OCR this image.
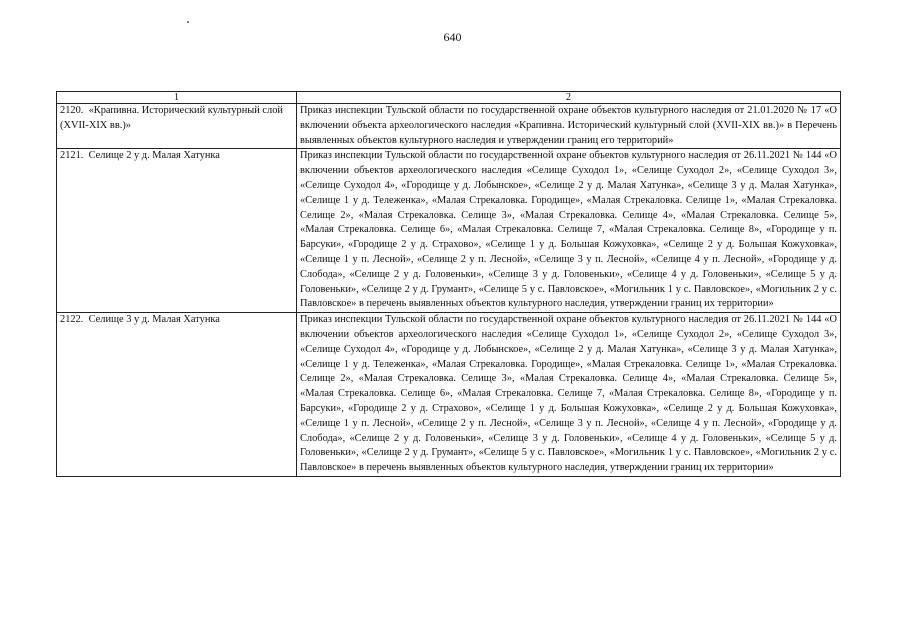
640
1	2
2120. «Крапивна. Исторический культурный слой (XVII-XIX вв.)»	Приказ инспекции Тульской области по государственной охране объектов культурного наследия от 21.01.2020 № 17 «О включении объекта археологического наследия «Крапивна. Исторический культурный слой (XVII-XIX вв.)» в Перечень выявленных объектов культурного наследия и утверждении границ его территорий»
2121. Селище 2 у д. Малая Хатунка	Приказ инспекции Тульской области по государственной охране объектов культурного наследия от 26.11.2021 № 144 «О включении объектов археологического наследия «Селище Суходол 1», «Селище Суходол 2», «Селище Суходол 3», «Селище Суходол 4», «Городище у д. Лобынское», «Селище 2 у д. Малая Хатунка», «Селище 3 у д. Малая Хатунка», «Селище 1 у д. Тележенка», «Малая Стрекаловка. Городище», «Малая Стрекаловка. Селище 1», «Малая Стрекаловка. Селище 2», «Малая Стрекаловка. Селище 3», «Малая Стрекаловка. Селище 4», «Малая Стрекаловка. Селище 5», «Малая Стрекаловка. Селище 6», «Малая Стрекаловка. Селище 7, «Малая Стрекаловка. Селище 8», «Городище у п. Барсуки», «Городище 2 у д. Страхово», «Селище 1 у д. Большая Кожуховка», «Селище 2 у д. Большая Кожуховка», «Селище 1 у п. Лесной», «Селище 2 у п. Лесной», «Селище 3 у п. Лесной», «Селище 4 у п. Лесной», «Городище у д. Слобода», «Селище 2 у д. Головеньки», «Селище 3 у д. Головеньки», «Селище 4 у д. Головеньки», «Селище 5 у д. Головеньки», «Селище 2 у д. Грумант», «Селище 5 у с. Павловское», «Могильник 1 у с. Павловское», «Могильник 2 у с. Павловское» в перечень выявленных объектов культурного наследия, утверждении границ их территории»
2122. Селище 3 у д. Малая Хатунка	Приказ инспекции Тульской области по государственной охране объектов культурного наследия от 26.11.2021 № 144 «О включении объектов археологического наследия «Селище Суходол 1», «Селище Суходол 2», «Селище Суходол 3», «Селище Суходол 4», «Городище у д. Лобынское», «Селище 2 у д. Малая Хатунка», «Селище 3 у д. Малая Хатунка», «Селище 1 у д. Тележенка», «Малая Стрекаловка. Городище», «Малая Стрекаловка. Селище 1», «Малая Стрекаловка. Селище 2», «Малая Стрекаловка. Селище 3», «Малая Стрекаловка. Селище 4», «Малая Стрекаловка. Селище 5», «Малая Стрекаловка. Селище 6», «Малая Стрекаловка. Селище 7, «Малая Стрекаловка. Селище 8», «Городище у п. Барсуки», «Городище 2 у д. Страхово», «Селище 1 у д. Большая Кожуховка», «Селище 2 у д. Большая Кожуховка», «Селище 1 у п. Лесной», «Селище 2 у п. Лесной», «Селище 3 у п. Лесной», «Селище 4 у п. Лесной», «Городище у д. Слобода», «Селище 2 у д. Головеньки», «Селище 3 у д. Головеньки», «Селище 4 у д. Головеньки», «Селище 5 у д. Головеньки», «Селище 2 у д. Грумант», «Селище 5 у с. Павловское», «Могильник 1 у с. Павловское», «Могильник 2 у с. Павловское» в перечень выявленных объектов культурного наследия, утверждении границ их территории»
